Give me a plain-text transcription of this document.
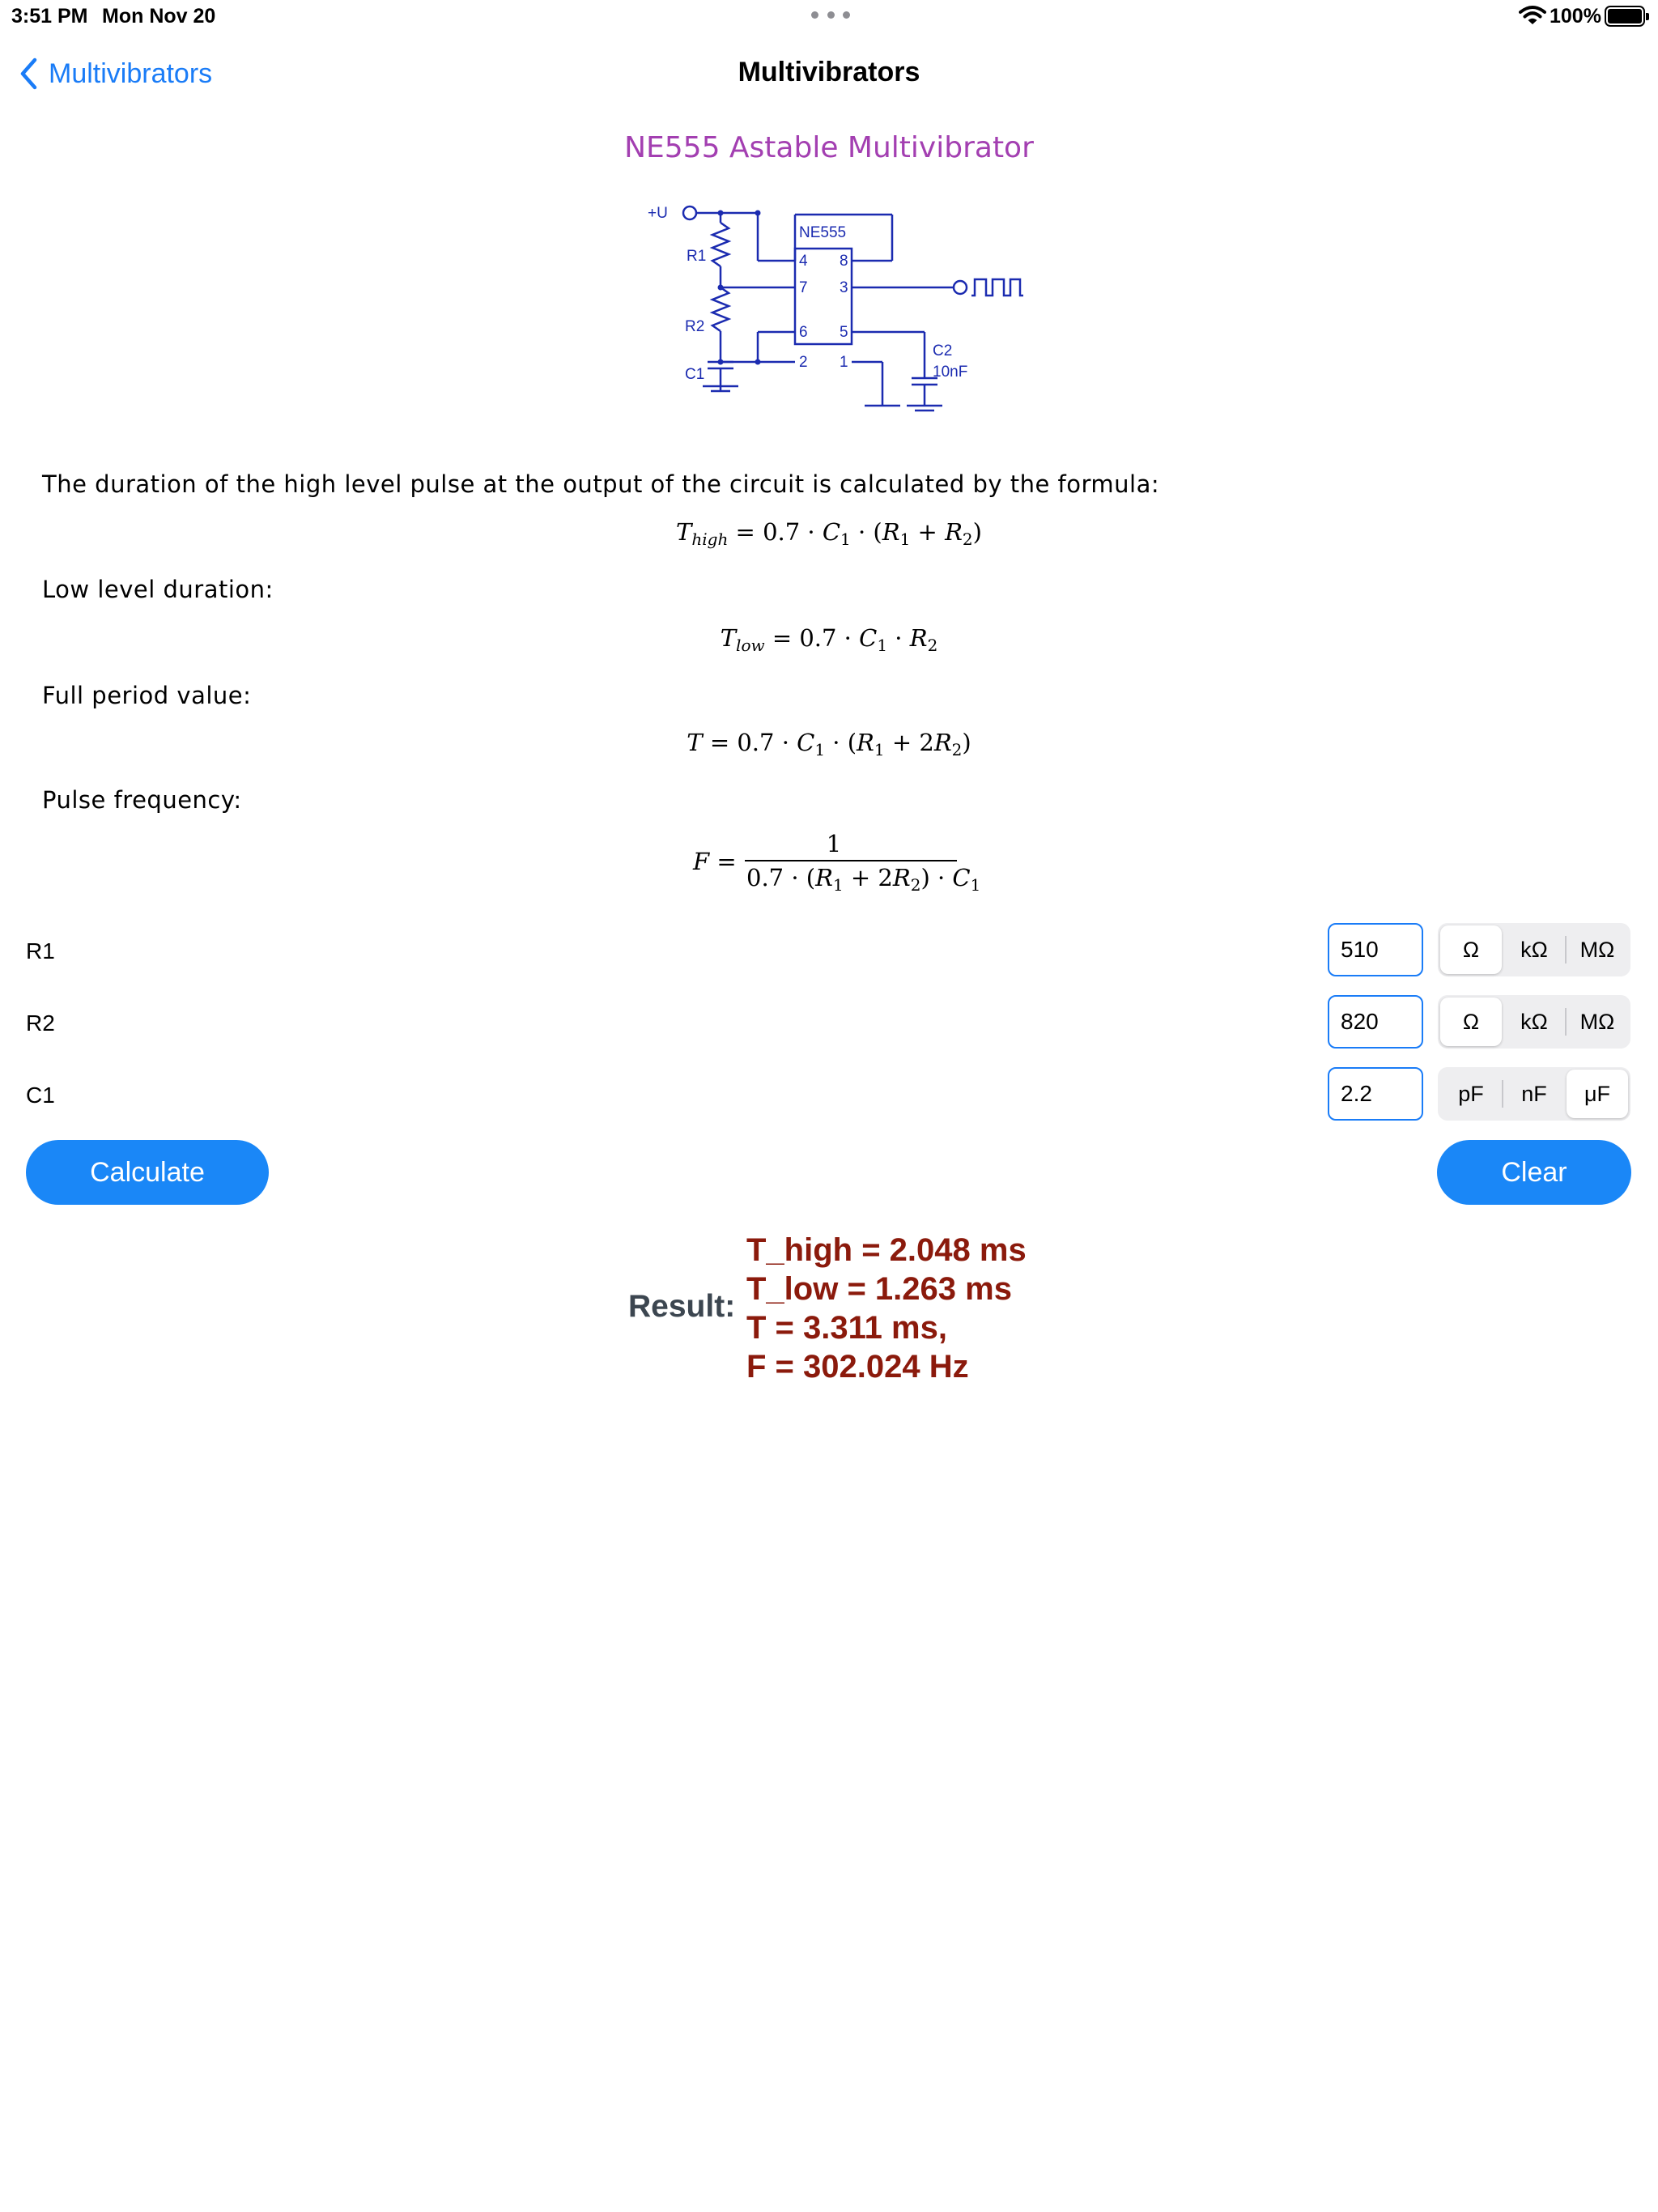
3:51 PM Mon Nov 20	100%
Multivibrators	Multivibrators
NE555 Astable Multivibrator
+U
NE555
4 8
7 3
6 5
2 1
R1
R2
C1
C2
10nF
The duration of the high level pulse at the output of the circuit is calculated by the formula:
$T_{high} = 0.7 \cdot C_1 \cdot (R_1 + R_2)$
Low level duration:
$T_{low} = 0.7 \cdot C_1 \cdot R_2$
Full period value:
$T = 0.7 \cdot C_1 \cdot (R_1 + 2R_2)$
Pulse frequency:
F =
1
$0.7 \cdot (R_1 + 2R_2) \cdot C_1$
R1
510	Ω	kΩ	MΩ
R2
820	Ω	kΩ	MΩ
C1
2.2	pF	nF	μF
Calculate	Clear
Result:
T_high = 2.048 ms
T_low = 1.263 ms
T = 3.311 ms,
F = 302.024 Hz
